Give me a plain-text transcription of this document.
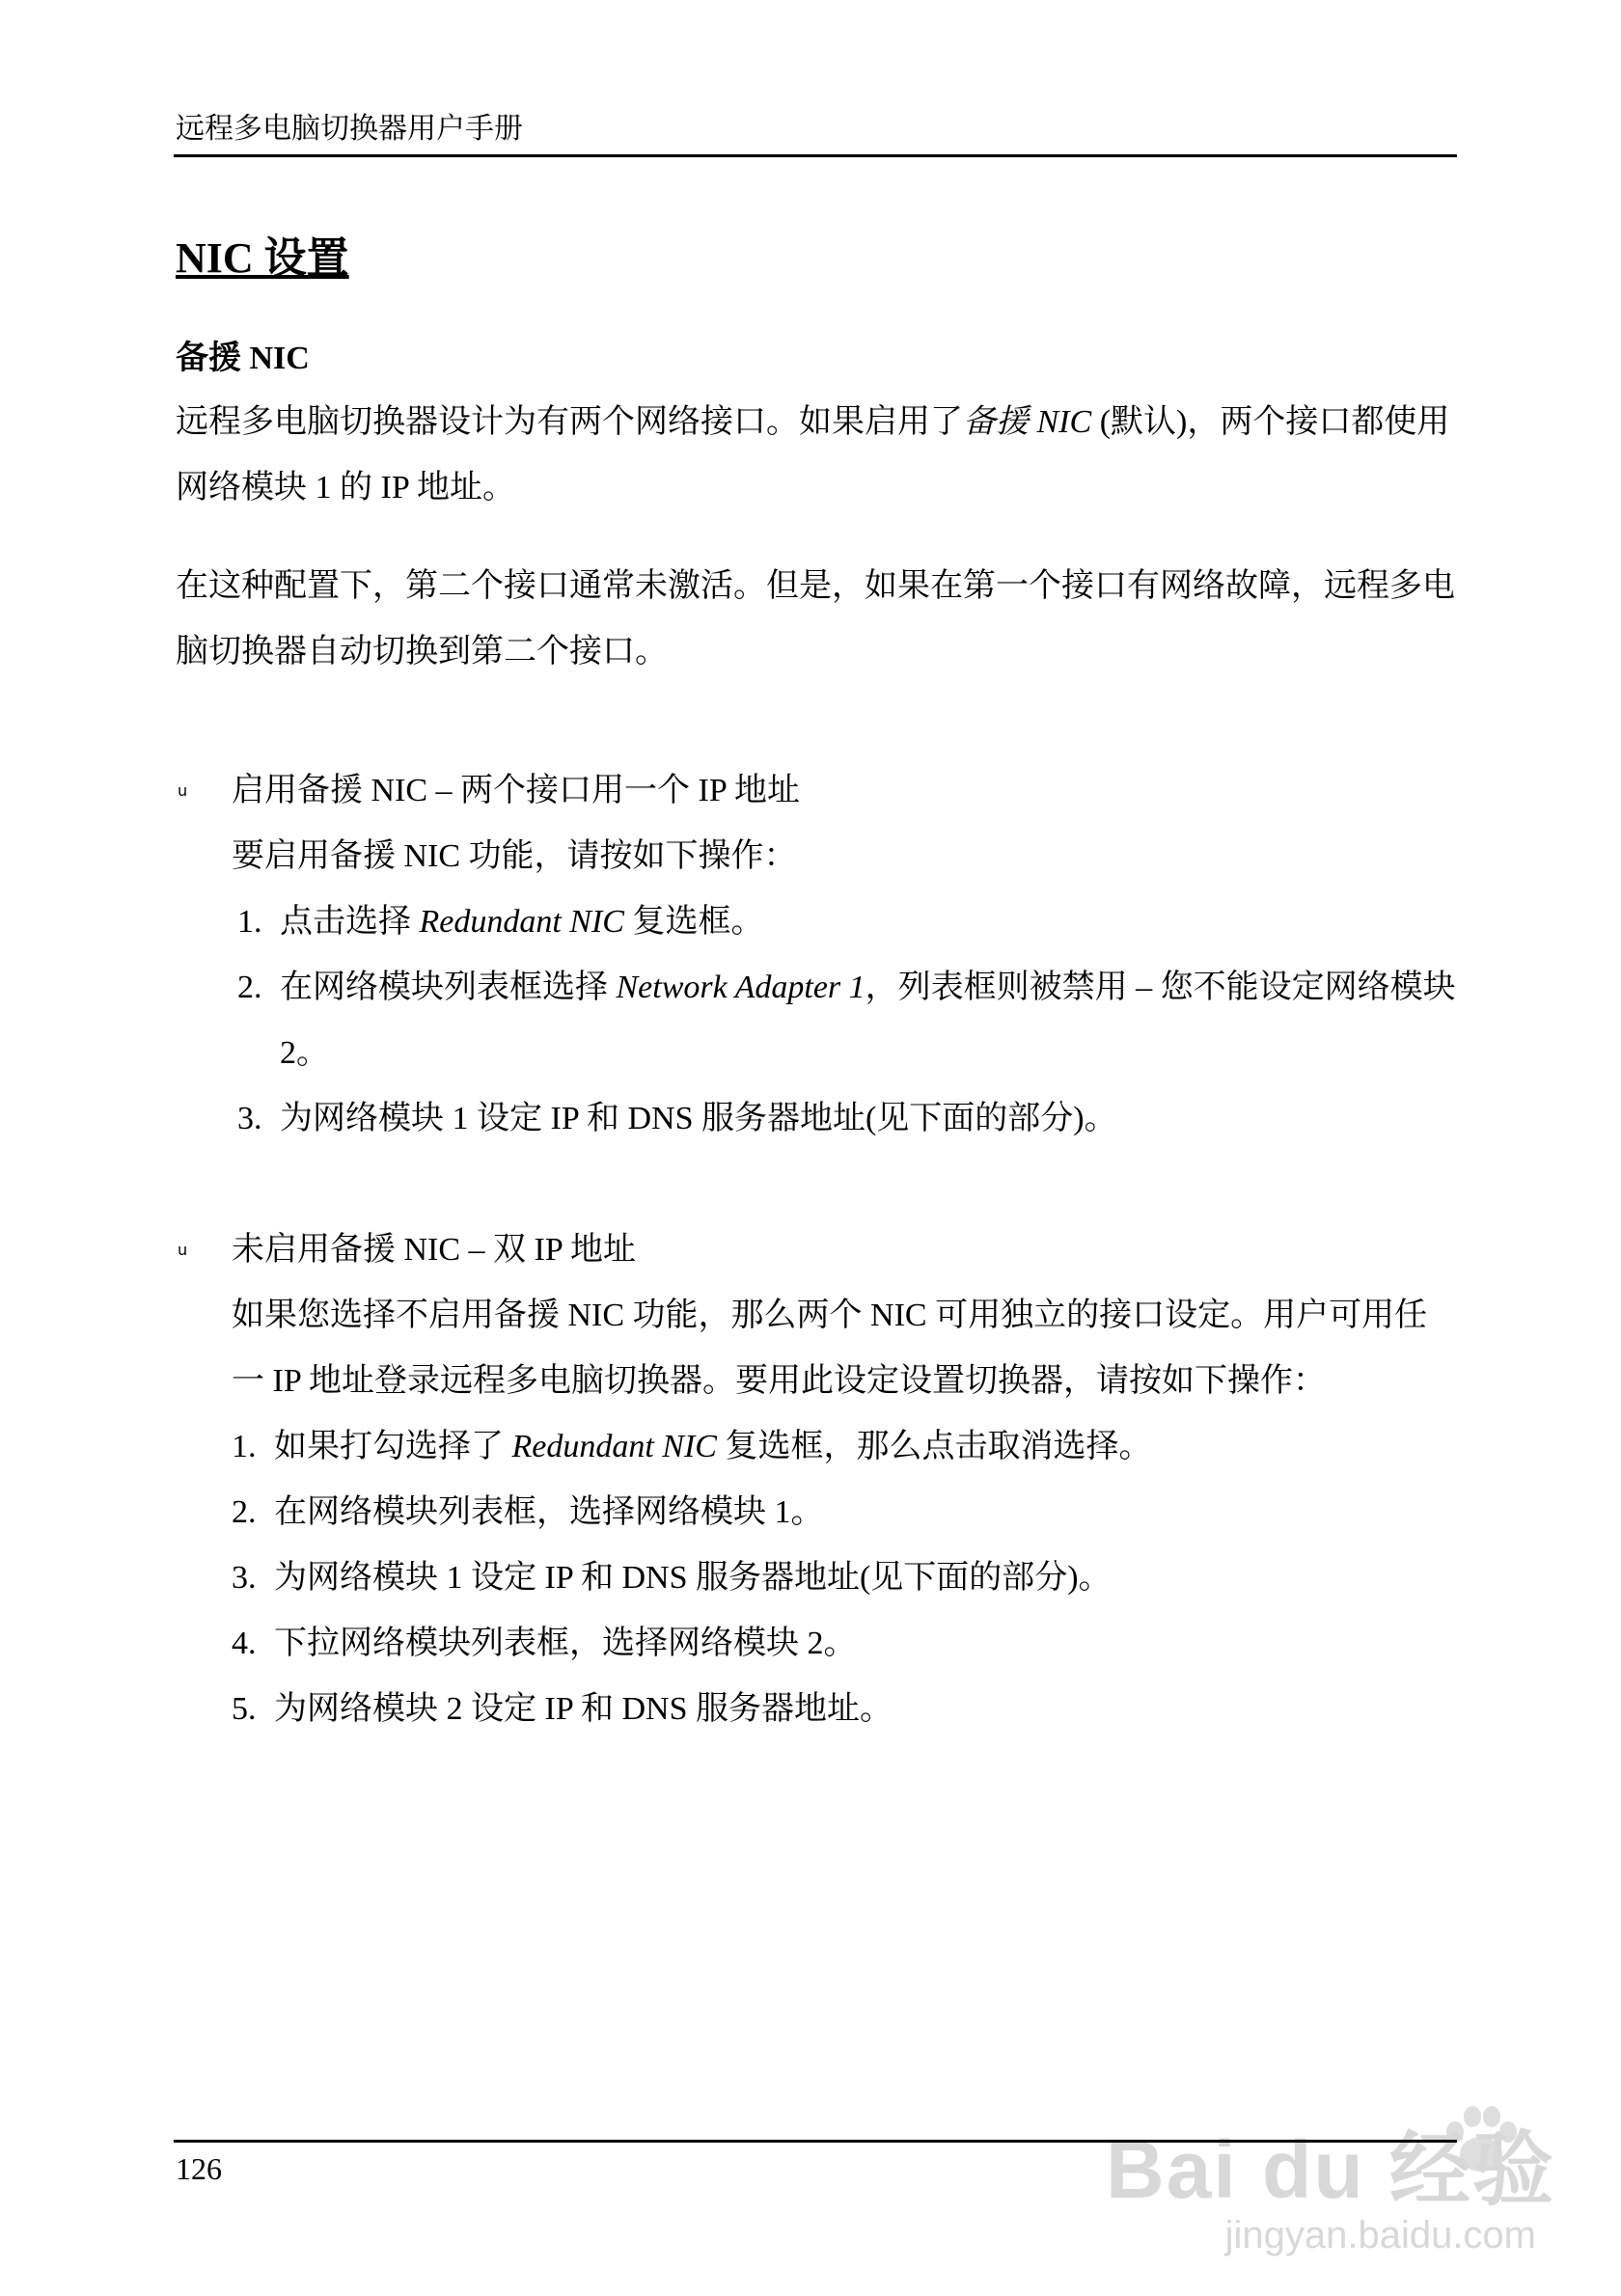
远程多电脑切换器用户手册
NIC 设置
备援 NIC
远程多电脑切换器设计为有两个网络接口。如果启用了备援 NIC (默认)，两个接口都使用网络模块 1 的 IP 地址。
在这种配置下，第二个接口通常未激活。但是，如果在第一个接口有网络故障，远程多电脑切换器自动切换到第二个接口。
u 启用备援 NIC – 两个接口用一个 IP 地址
要启用备援 NIC 功能，请按如下操作：
1. 点击选择 Redundant NIC 复选框。
2. 在网络模块列表框选择 Network Adapter 1，列表框则被禁用 – 您不能设定网络模块 2。
3. 为网络模块 1 设定 IP 和 DNS 服务器地址(见下面的部分)。
u 未启用备援 NIC – 双 IP 地址
如果您选择不启用备援 NIC 功能，那么两个 NIC 可用独立的接口设定。用户可用任一 IP 地址登录远程多电脑切换器。要用此设定设置切换器，请按如下操作：
1. 如果打勾选择了 Redundant NIC 复选框，那么点击取消选择。
2. 在网络模块列表框，选择网络模块 1。
3. 为网络模块 1 设定 IP 和 DNS 服务器地址(见下面的部分)。
4. 下拉网络模块列表框，选择网络模块 2。
5. 为网络模块 2 设定 IP 和 DNS 服务器地址。
Bai du 经验
jingyan.baidu.com
126
